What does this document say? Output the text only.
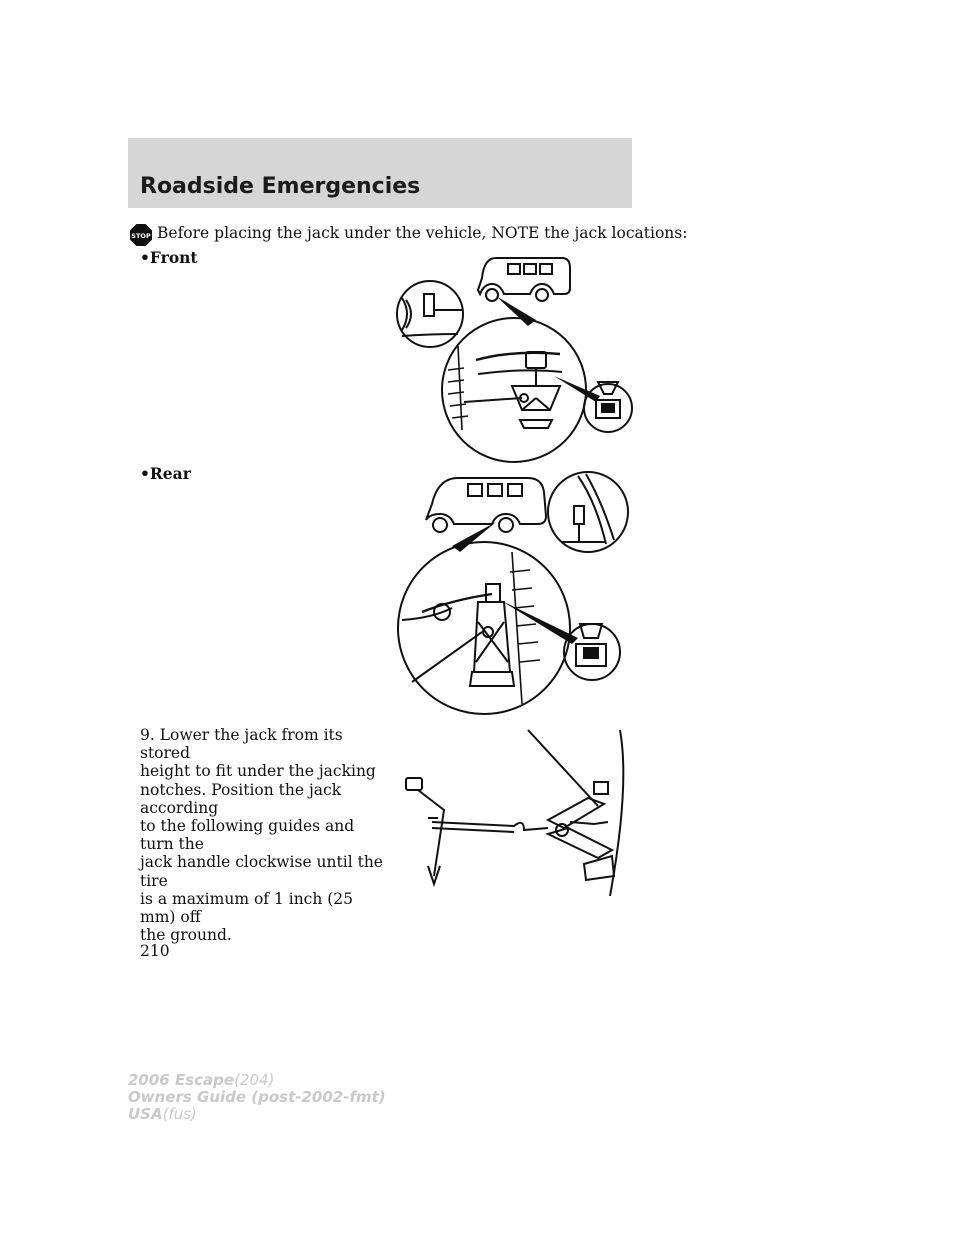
Roadside Emergencies
STOP Before placing the jack under the vehicle, NOTE the jack locations:
•Front
•Rear
9. Lower the jack from its stored
height to fit under the jacking
notches. Position the jack according
to the following guides and turn the
jack handle clockwise until the tire
is a maximum of 1 inch (25 mm) off
the ground.
210
2006 Escape(204)
Owners Guide (post-2002-fmt)
USA(fus)
